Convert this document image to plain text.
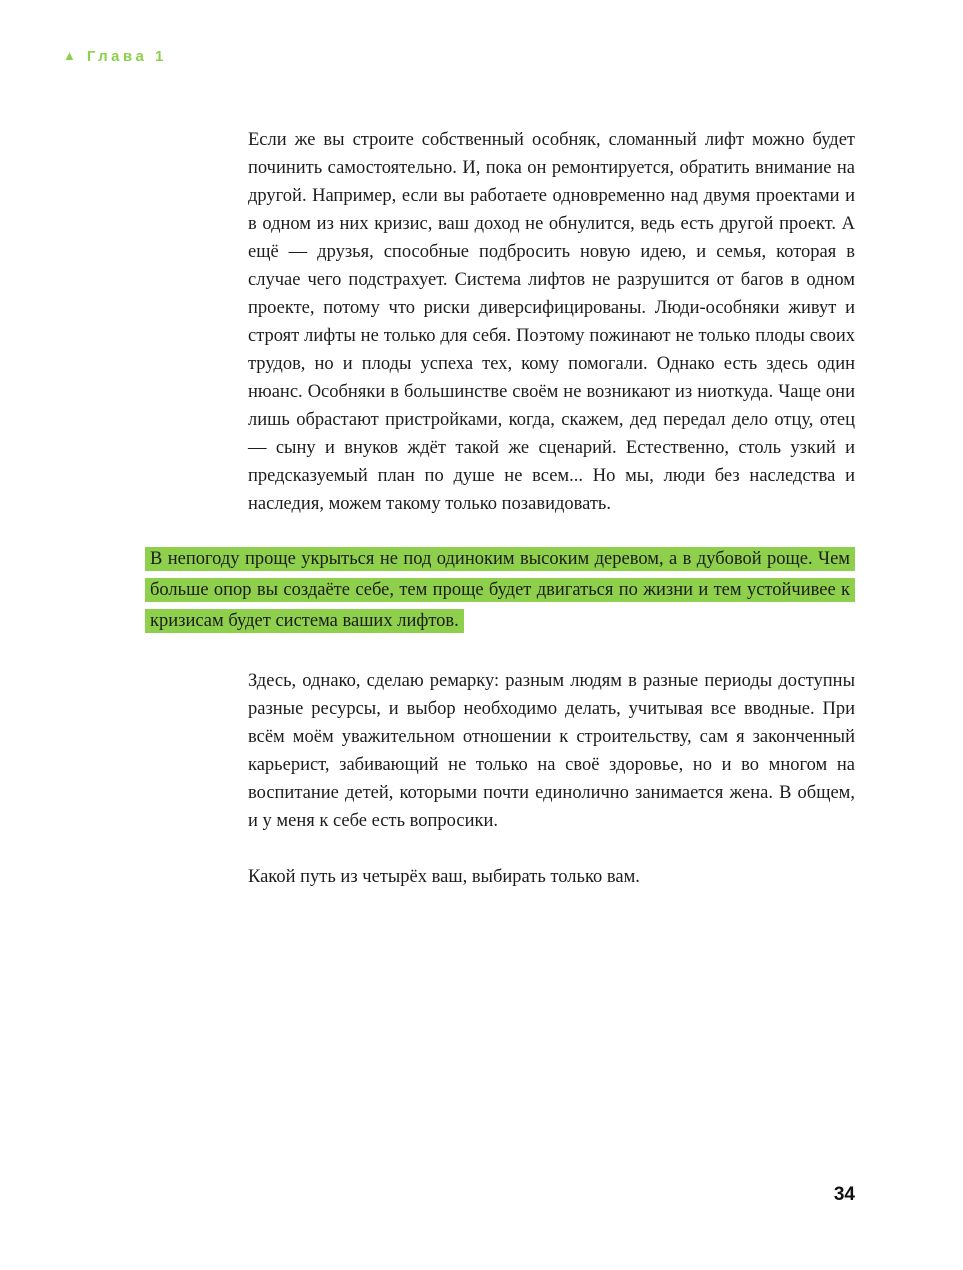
▲ Глава 1

Если же вы строите собственный особняк, сломанный лифт можно будет починить самостоятельно. И, пока он ремонтируется, обратить внимание на другой. Например, если вы работаете одновременно над двумя проектами и в одном из них кризис, ваш доход не обнулится, ведь есть другой проект. А ещё — друзья, способные подбросить новую идею, и семья, которая в случае чего подстрахует. Система лифтов не разрушится от багов в одном проекте, потому что риски диверсифицированы. Люди-особняки живут и строят лифты не только для себя. Поэтому пожинают не только плоды своих трудов, но и плоды успеха тех, кому помогали. Однако есть здесь один нюанс. Особняки в большинстве своём не возникают из ниоткуда. Чаще они лишь обрастают пристройками, когда, скажем, дед передал дело отцу, отец — сыну и внуков ждёт такой же сценарий. Естественно, столь узкий и предсказуемый план по душе не всем... Но мы, люди без наследства и наследия, можем такому только позавидовать.

В непогоду проще укрыться не под одиноким высоким деревом, а в дубовой роще. Чем больше опор вы создаёте себе, тем проще будет двигаться по жизни и тем устойчивее к кризисам будет система ваших лифтов.

Здесь, однако, сделаю ремарку: разным людям в разные периоды доступны разные ресурсы, и выбор необходимо делать, учитывая все вводные. При всём моём уважительном отношении к строительству, сам я законченный карьерист, забивающий не только на своё здоровье, но и во многом на воспитание детей, которыми почти единолично занимается жена. В общем, и у меня к себе есть вопросики.

Какой путь из четырёх ваш, выбирать только вам.

34
